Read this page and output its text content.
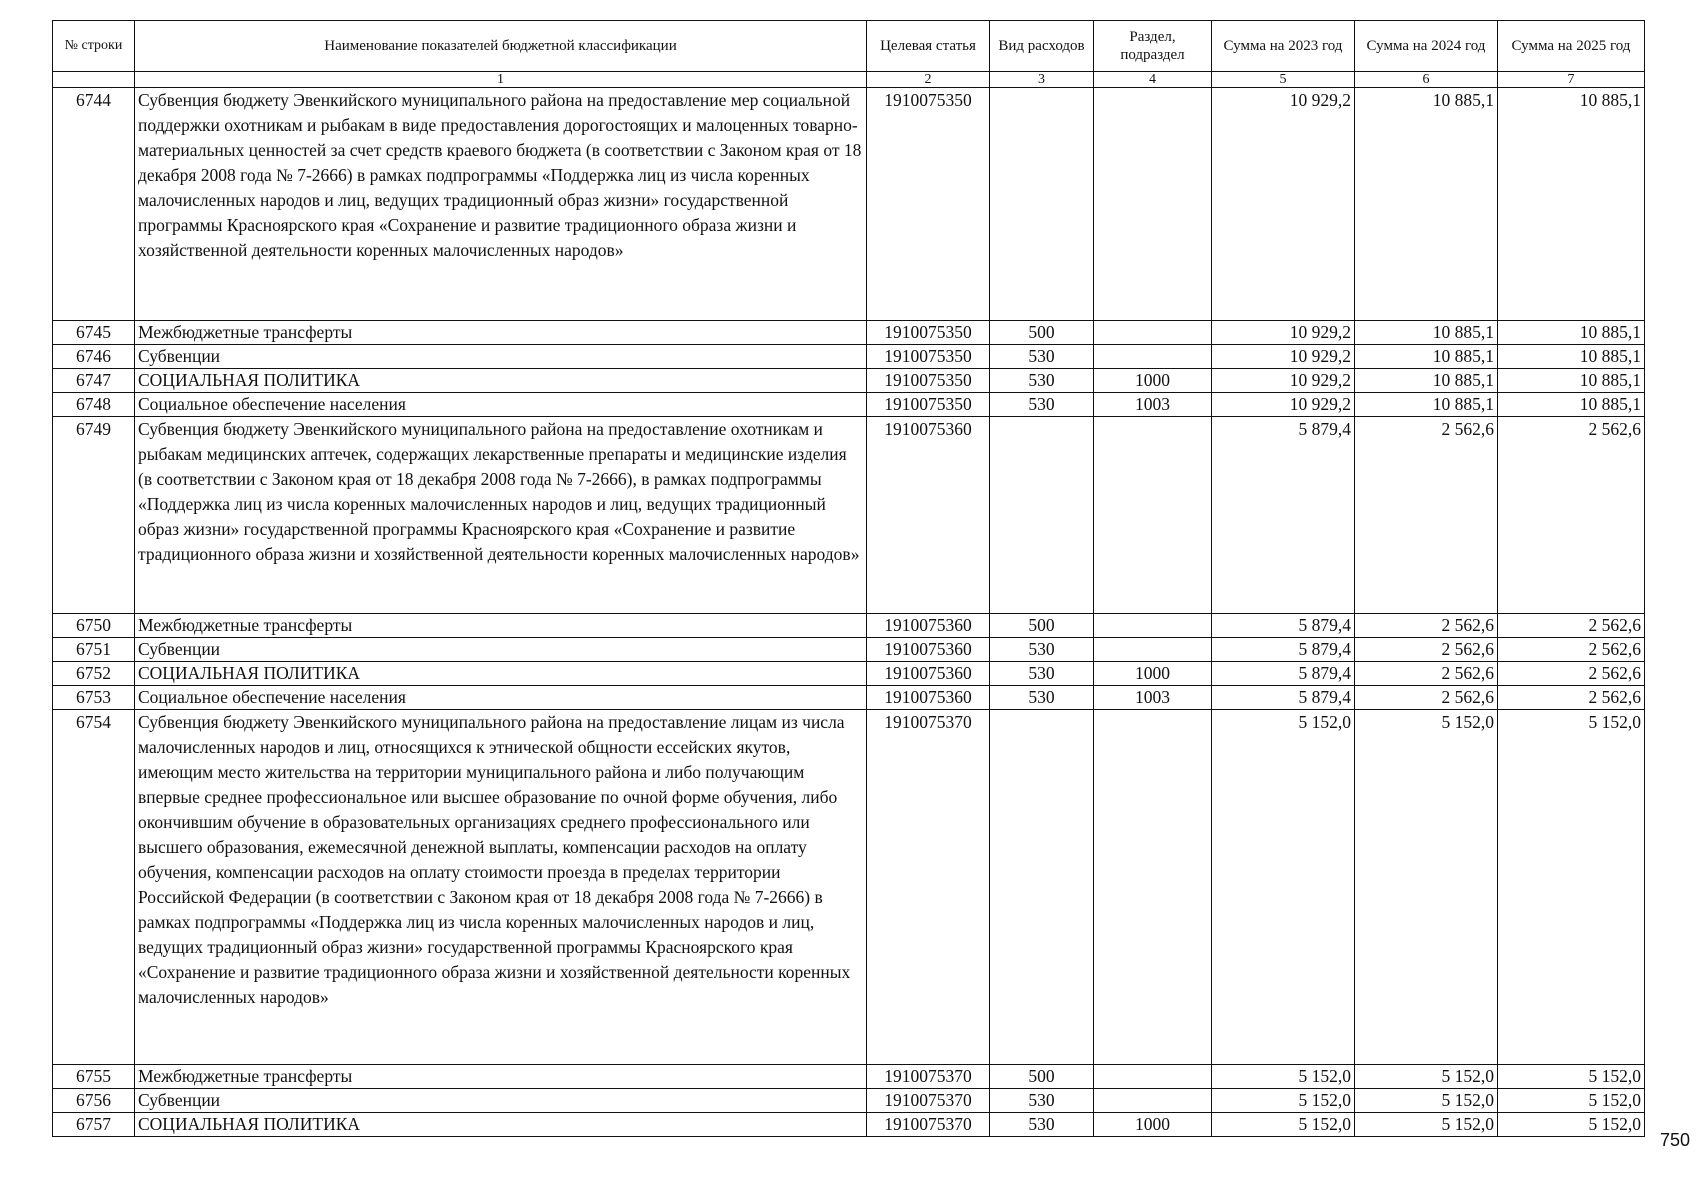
№ строки	Наименование показателей бюджетной классификации	Целевая статья	Вид расходов	Раздел, подраздел	Сумма на 2023 год	Сумма на 2024 год	Сумма на 2025 год
	1	2	3	4	5	6	7
6744	Субвенция бюджету Эвенкийского муниципального района на предоставление мер социальной поддержки охотникам и рыбакам в виде предоставления дорогостоящих и малоценных товарно-материальных ценностей за счет средств краевого бюджета (в соответствии с Законом края от 18 декабря 2008 года № 7-2666) в рамках подпрограммы «Поддержка лиц из числа коренных малочисленных народов и лиц, ведущих традиционный образ жизни» государственной программы Красноярского края «Сохранение и развитие традиционного образа жизни и хозяйственной деятельности коренных малочисленных народов»	1910075350			10 929,2	10 885,1	10 885,1
6745	Межбюджетные трансферты	1910075350	500		10 929,2	10 885,1	10 885,1
6746	Субвенции	1910075350	530		10 929,2	10 885,1	10 885,1
6747	СОЦИАЛЬНАЯ ПОЛИТИКА	1910075350	530	1000	10 929,2	10 885,1	10 885,1
6748	Социальное обеспечение населения	1910075350	530	1003	10 929,2	10 885,1	10 885,1
6749	Субвенция бюджету Эвенкийского муниципального района на предоставление охотникам и рыбакам медицинских аптечек, содержащих лекарственные препараты и медицинские изделия (в соответствии с Законом края от 18 декабря 2008 года № 7-2666), в рамках подпрограммы «Поддержка лиц из числа коренных малочисленных народов и лиц, ведущих традиционный образ жизни» государственной программы Красноярского края «Сохранение и развитие традиционного образа жизни и хозяйственной деятельности коренных малочисленных народов»	1910075360			5 879,4	2 562,6	2 562,6
6750	Межбюджетные трансферты	1910075360	500		5 879,4	2 562,6	2 562,6
6751	Субвенции	1910075360	530		5 879,4	2 562,6	2 562,6
6752	СОЦИАЛЬНАЯ ПОЛИТИКА	1910075360	530	1000	5 879,4	2 562,6	2 562,6
6753	Социальное обеспечение населения	1910075360	530	1003	5 879,4	2 562,6	2 562,6
6754	Субвенция бюджету Эвенкийского муниципального района на предоставление лицам из числа малочисленных народов и лиц, относящихся к этнической общности ессейских якутов, имеющим место жительства на территории муниципального района и либо получающим впервые среднее профессиональное или высшее образование по очной форме обучения, либо окончившим обучение в образовательных организациях среднего профессионального или высшего образования, ежемесячной денежной выплаты, компенсации расходов на оплату обучения, компенсации расходов на оплату стоимости проезда в пределах территории Российской Федерации (в соответствии с Законом края от 18 декабря 2008 года № 7-2666) в рамках подпрограммы «Поддержка лиц из числа коренных малочисленных народов и лиц, ведущих традиционный образ жизни» государственной программы Красноярского края «Сохранение и развитие традиционного образа жизни и хозяйственной деятельности коренных малочисленных народов»	1910075370			5 152,0	5 152,0	5 152,0
6755	Межбюджетные трансферты	1910075370	500		5 152,0	5 152,0	5 152,0
6756	Субвенции	1910075370	530		5 152,0	5 152,0	5 152,0
6757	СОЦИАЛЬНАЯ ПОЛИТИКА	1910075370	530	1000	5 152,0	5 152,0	5 152,0
750
